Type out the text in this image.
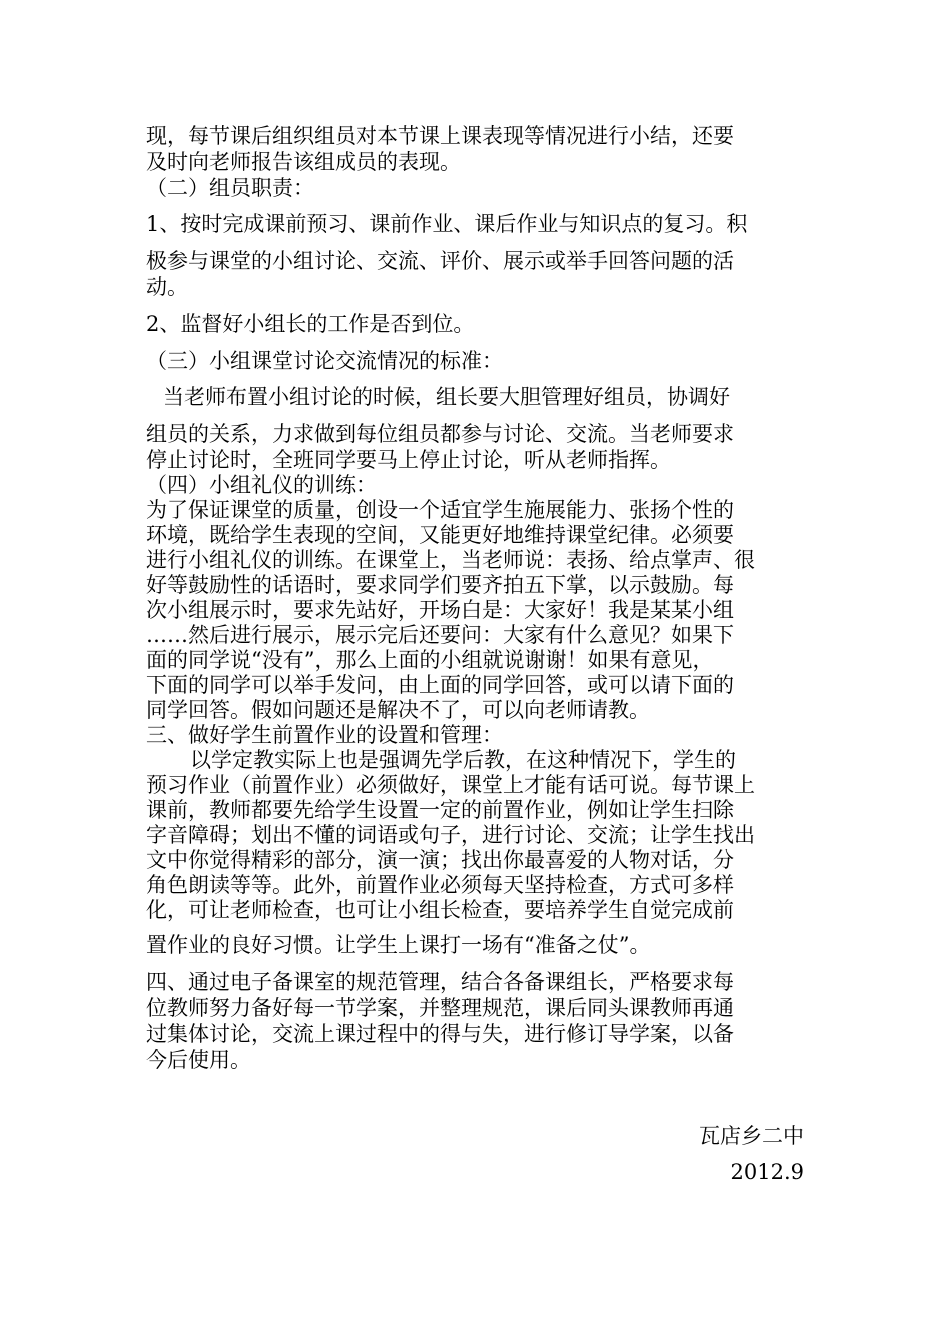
现，每节课后组织组员对本节课上课表现等情况进行小结，还要
及时向老师报告该组成员的表现。
（二）组员职责：
1、按时完成课前预习、课前作业、课后作业与知识点的复习。积
极参与课堂的小组讨论、交流、评价、展示或举手回答问题的活
动。
2、监督好小组长的工作是否到位。
（三）小组课堂讨论交流情况的标准：
当老师布置小组讨论的时候，组长要大胆管理好组员，协调好
组员的关系，力求做到每位组员都参与讨论、交流。当老师要求
停止讨论时，全班同学要马上停止讨论，听从老师指挥。
（四）小组礼仪的训练：
为了保证课堂的质量，创设一个适宜学生施展能力、张扬个性的
环境，既给学生表现的空间，又能更好地维持课堂纪律。必须要
进行小组礼仪的训练。在课堂上，当老师说：表扬、给点掌声、很
好等鼓励性的话语时，要求同学们要齐拍五下掌，以示鼓励。每
次小组展示时，要求先站好，开场白是：大家好！我是某某小组
……然后进行展示，展示完后还要问：大家有什么意见？如果下
面的同学说“没有”，那么上面的小组就说谢谢！如果有意见，
下面的同学可以举手发问，由上面的同学回答，或可以请下面的
同学回答。假如问题还是解决不了，可以向老师请教。
三、做好学生前置作业的设置和管理：
以学定教实际上也是强调先学后教，在这种情况下，学生的
预习作业（前置作业）必须做好，课堂上才能有话可说。每节课上
课前，教师都要先给学生设置一定的前置作业，例如让学生扫除
字音障碍；划出不懂的词语或句子，进行讨论、交流；让学生找出
文中你觉得精彩的部分，演一演；找出你最喜爱的人物对话，分
角色朗读等等。此外，前置作业必须每天坚持检查，方式可多样
化，可让老师检查，也可让小组长检查，要培养学生自觉完成前
置作业的良好习惯。让学生上课打一场有“准备之仗”。
四、通过电子备课室的规范管理，结合各备课组长，严格要求每
位教师努力备好每一节学案，并整理规范，课后同头课教师再通
过集体讨论，交流上课过程中的得与失，进行修订导学案，以备
今后使用。
瓦店乡二中
2012.9
